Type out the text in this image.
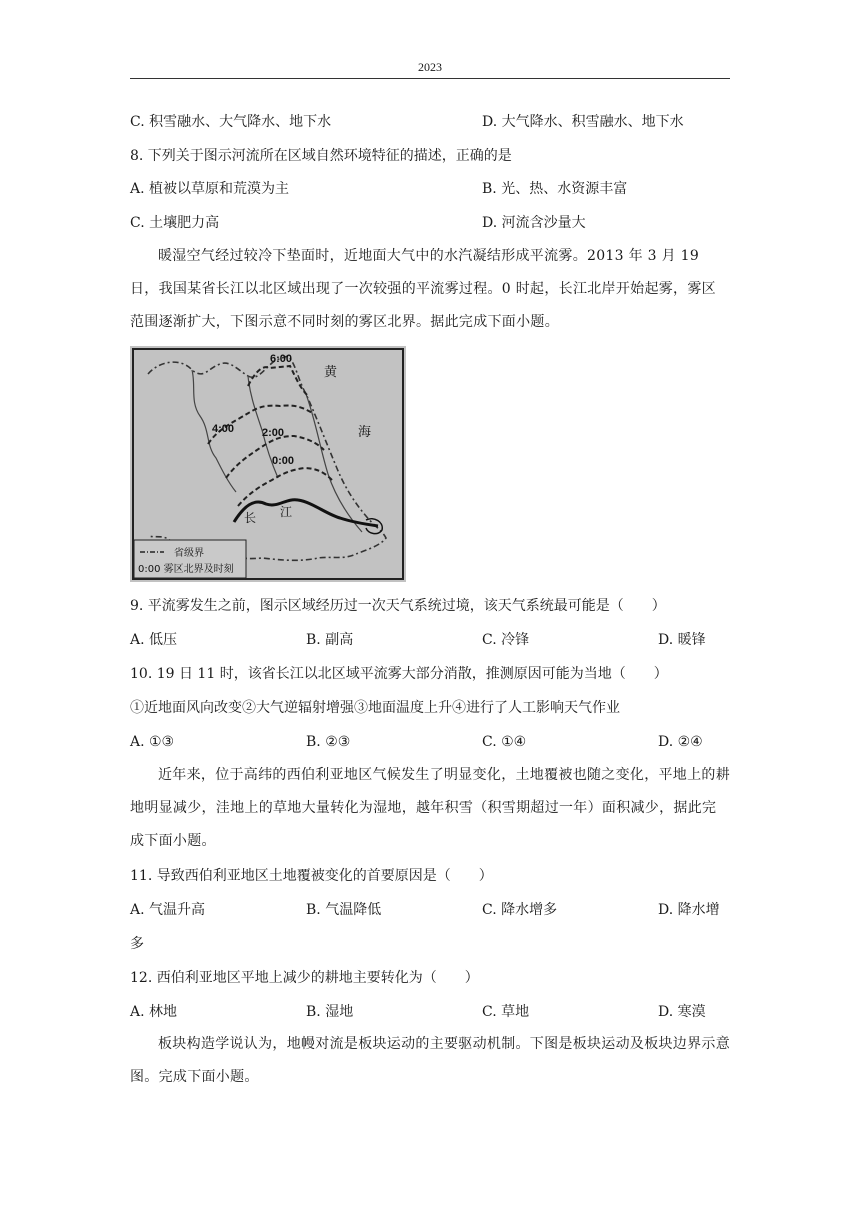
2023
C. 积雪融水、大气降水、地下水	D. 大气降水、积雪融水、地下水
8. 下列关于图示河流所在区域自然环境特征的描述，正确的是
A. 植被以草原和荒漠为主	B. 光、热、水资源丰富
C. 土壤肥力高	D. 河流含沙量大
暖湿空气经过较冷下垫面时，近地面大气中的水汽凝结形成平流雾。2013 年 3 月 19 日，我国某省长江以北区域出现了一次较强的平流雾过程。0 时起，长江北岸开始起雾，雾区范围逐渐扩大，下图示意不同时刻的雾区北界。据此完成下面小题。
6:00
4:00	2:00
0:00
黄
海
长 江
省级界
0:00 雾区北界及时刻
9. 平流雾发生之前，图示区域经历过一次天气系统过境，该天气系统最可能是（　　）
A. 低压	B. 副高	C. 冷锋	D. 暖锋
10. 19 日 11 时，该省长江以北区域平流雾大部分消散，推测原因可能为当地（　　）
①近地面风向改变②大气逆辐射增强③地面温度上升④进行了人工影响天气作业
A. ①③	B. ②③	C. ①④	D. ②④
近年来，位于高纬的西伯利亚地区气候发生了明显变化，土地覆被也随之变化，平地上的耕地明显减少，洼地上的草地大量转化为湿地，越年积雪（积雪期超过一年）面积减少，据此完成下面小题。
11. 导致西伯利亚地区土地覆被变化的首要原因是（　　）
A. 气温升高	B. 气温降低	C. 降水增多	D. 降水增
多
12. 西伯利亚地区平地上减少的耕地主要转化为（　　）
A. 林地	B. 湿地	C. 草地	D. 寒漠
板块构造学说认为，地幔对流是板块运动的主要驱动机制。下图是板块运动及板块边界示意图。完成下面小题。
